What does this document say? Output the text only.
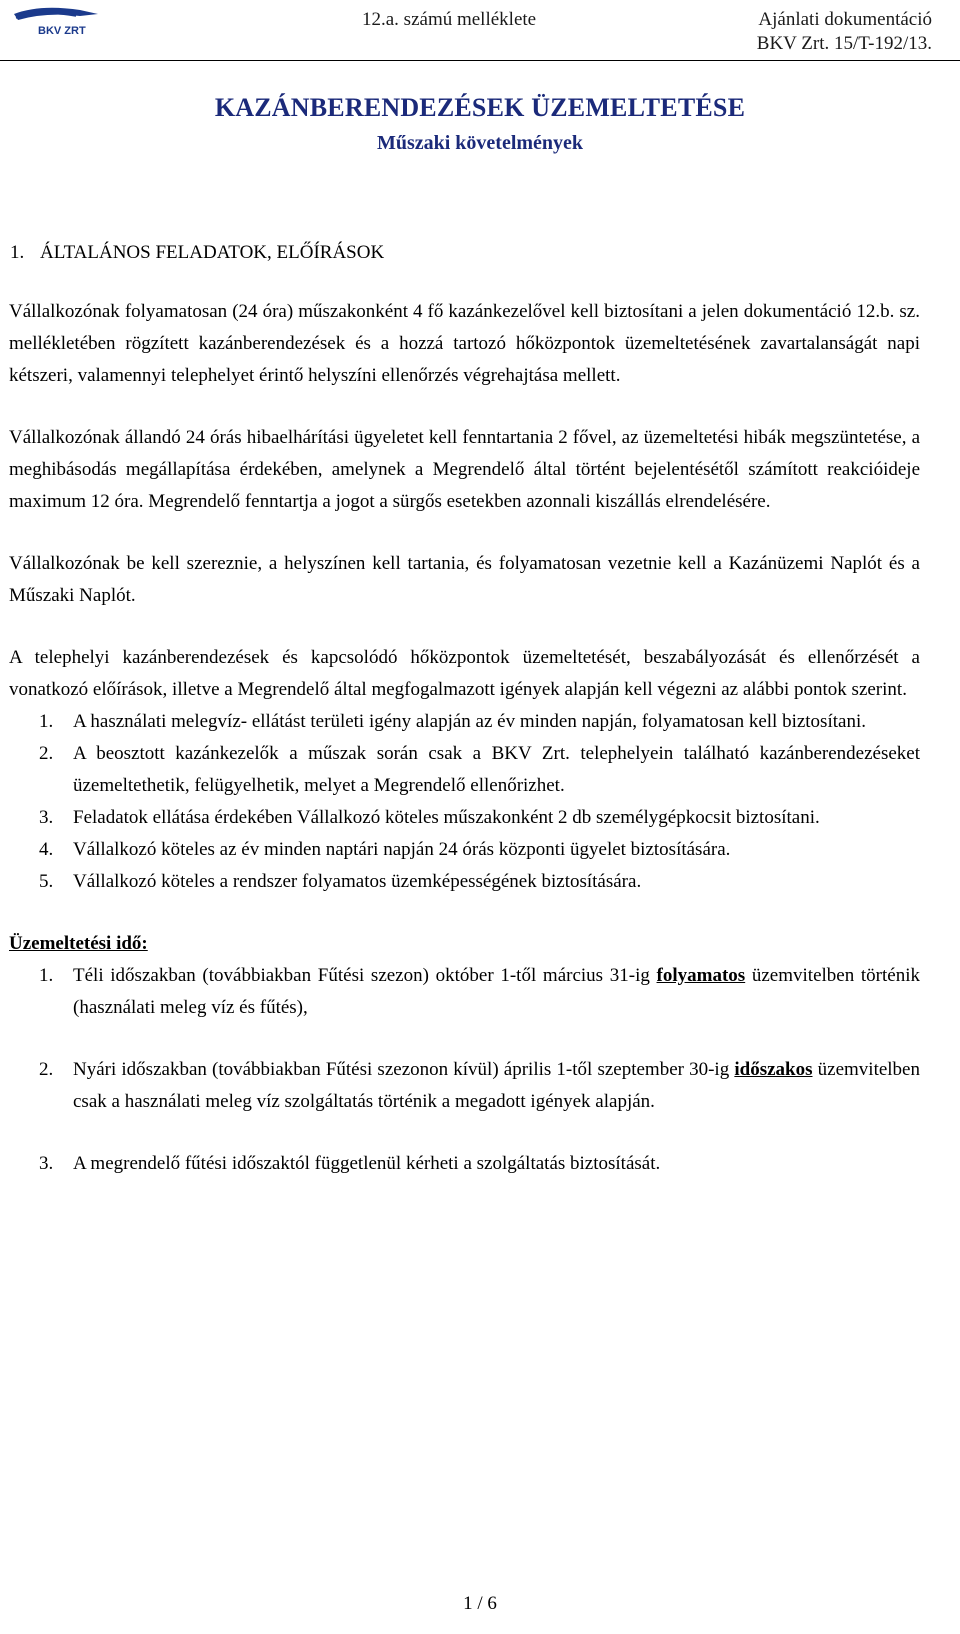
BKV ZRT
12.a. számú melléklete	Ajánlati dokumentáció
BKV Zrt. 15/T-192/13.
KAZÁNBERENDEZÉSEK ÜZEMELTETÉSE
Műszaki követelmények
1. ÁLTALÁNOS FELADATOK, ELŐÍRÁSOK

Vállalkozónak folyamatosan (24 óra) műszakonként 4 fő kazánkezelővel kell biztosítani a jelen dokumentáció 12.b. sz. mellékletében rögzített kazánberendezések és a hozzá tartozó hőközpontok üzemeltetésének zavartalanságát napi kétszeri, valamennyi telephelyet érintő helyszíni ellenőrzés végrehajtása mellett.

Vállalkozónak állandó 24 órás hibaelhárítási ügyeletet kell fenntartania 2 fővel, az üzemeltetési hibák megszüntetése, a meghibásodás megállapítása érdekében, amelynek a Megrendelő által történt bejelentésétől számított reakcióideje maximum 12 óra. Megrendelő fenntartja a jogot a sürgős esetekben azonnali kiszállás elrendelésére.

Vállalkozónak be kell szereznie, a helyszínen kell tartania, és folyamatosan vezetnie kell a Kazánüzemi Naplót és a Műszaki Naplót.

A telephelyi kazánberendezések és kapcsolódó hőközpontok üzemeltetését, beszabályozását és ellenőrzését a vonatkozó előírások, illetve a Megrendelő által megfogalmazott igények alapján kell végezni az alábbi pontok szerint.

1.	A használati melegvíz- ellátást területi igény alapján az év minden napján, folyamatosan kell biztosítani.
2.	A beosztott kazánkezelők a műszak során csak a BKV Zrt. telephelyein található kazánberendezéseket üzemeltethetik, felügyelhetik, melyet a Megrendelő ellenőrizhet.
3.	Feladatok ellátása érdekében Vállalkozó köteles műszakonként 2 db személygépkocsit biztosítani.
4.	Vállalkozó köteles az év minden naptári napján 24 órás központi ügyelet biztosítására.
5.	Vállalkozó köteles a rendszer folyamatos üzemképességének biztosítására.

Üzemeltetési idő:

1.	Téli időszakban (továbbiakban Fűtési szezon) október 1-től március 31-ig folyamatos üzemvitelben történik (használati meleg víz és fűtés),
2.	Nyári időszakban (továbbiakban Fűtési szezonon kívül) április 1-től szeptember 30-ig időszakos üzemvitelben csak a használati meleg víz szolgáltatás történik a megadott igények alapján.
3.	A megrendelő fűtési időszaktól függetlenül kérheti a szolgáltatás biztosítását.
1 / 6
